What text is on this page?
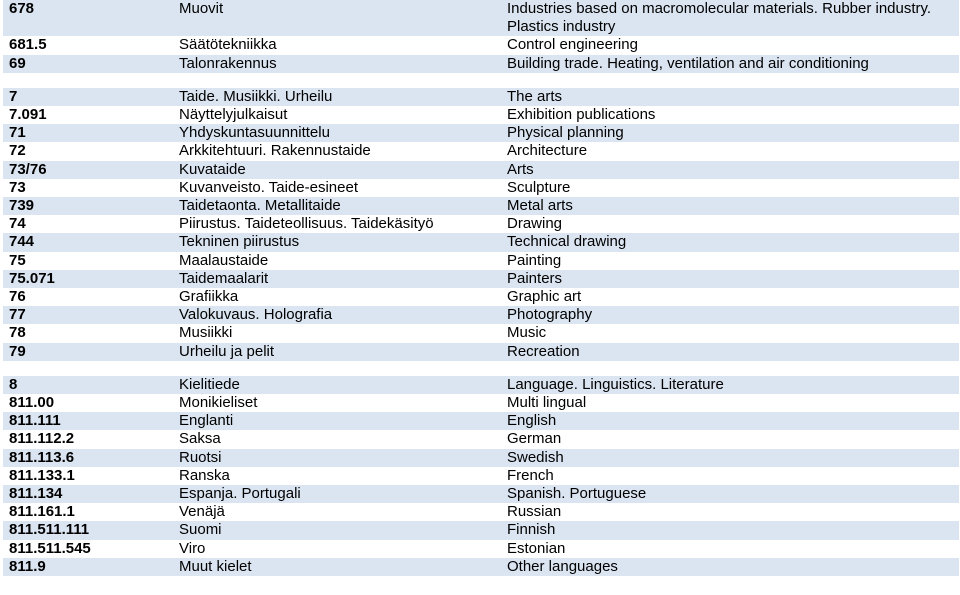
678	Muovit	Industries based on macromolecular materials. Rubber industry. Plastics industry
681.5	Säätötekniikka	Control engineering
69	Talonrakennus	Building trade. Heating, ventilation and air conditioning

7	Taide. Musiikki. Urheilu	The arts
7.091	Näyttelyjulkaisut	Exhibition publications
71	Yhdyskuntasuunnittelu	Physical planning
72	Arkkitehtuuri. Rakennustaide	Architecture
73/76	Kuvataide	Arts
73	Kuvanveisto. Taide-esineet	Sculpture
739	Taidetaonta. Metallitaide	Metal arts
74	Piirustus. Taideteollisuus. Taidekäsityö	Drawing
744	Tekninen piirustus	Technical drawing
75	Maalaustaide	Painting
75.071	Taidemaalarit	Painters
76	Grafiikka	Graphic art
77	Valokuvaus. Holografia	Photography
78	Musiikki	Music
79	Urheilu ja pelit	Recreation

8	Kielitiede	Language. Linguistics. Literature
811.00	Monikieliset	Multi lingual
811.111	Englanti	English
811.112.2	Saksa	German
811.113.6	Ruotsi	Swedish
811.133.1	Ranska	French
811.134	Espanja. Portugali	Spanish. Portuguese
811.161.1	Venäjä	Russian
811.511.111	Suomi	Finnish
811.511.545	Viro	Estonian
811.9	Muut kielet	Other languages
